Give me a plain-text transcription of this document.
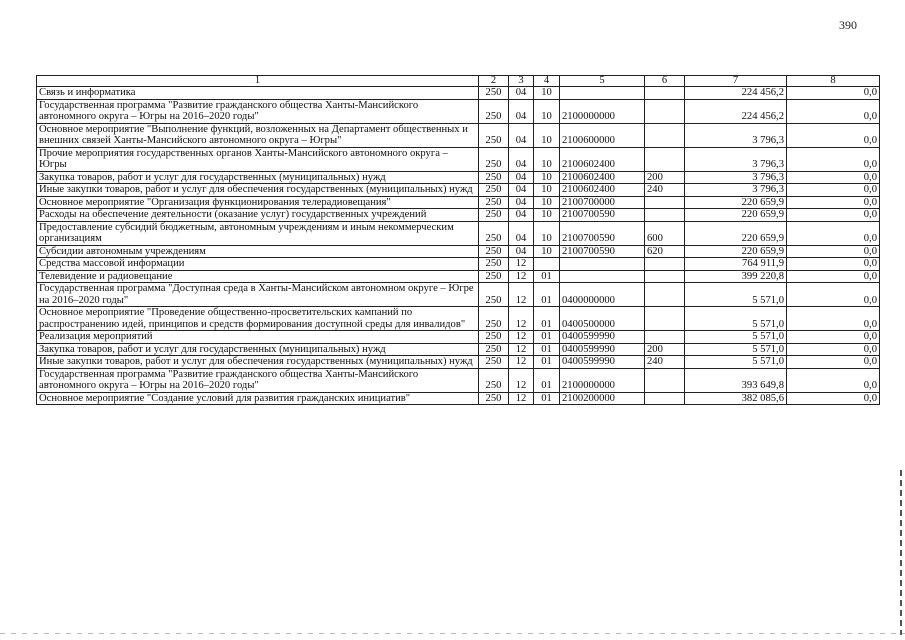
390
1	2	3	4	5	6	7	8
Связь и информатика	250	04	10			224 456,2	0,0
Государственная программа "Развитие гражданского общества Ханты-Мансийского автономного округа – Югры на 2016–2020 годы"	250	04	10	2100000000		224 456,2	0,0
Основное мероприятие "Выполнение функций, возложенных на Департамент общественных и внешних связей Ханты-Мансийского автономного округа – Югры"	250	04	10	2100600000		3 796,3	0,0
Прочие мероприятия государственных органов Ханты-Мансийского автономного округа – Югры	250	04	10	2100602400		3 796,3	0,0
Закупка товаров, работ и услуг для государственных (муниципальных) нужд	250	04	10	2100602400	200	3 796,3	0,0
Иные закупки товаров, работ и услуг для обеспечения государственных (муниципальных) нужд	250	04	10	2100602400	240	3 796,3	0,0
Основное мероприятие "Организация функционирования телерадиовещания"	250	04	10	2100700000		220 659,9	0,0
Расходы на обеспечение деятельности (оказание услуг) государственных учреждений	250	04	10	2100700590		220 659,9	0,0
Предоставление субсидий бюджетным, автономным учреждениям и иным некоммерческим организациям	250	04	10	2100700590	600	220 659,9	0,0
Субсидии автономным учреждениям	250	04	10	2100700590	620	220 659,9	0,0
Средства массовой информации	250	12				764 911,9	0,0
Телевидение и радиовещание	250	12	01			399 220,8	0,0
Государственная программа "Доступная среда в Ханты-Мансийском автономном округе – Югре на 2016–2020 годы"	250	12	01	0400000000		5 571,0	0,0
Основное мероприятие "Проведение общественно-просветительских кампаний по распространению идей, принципов и средств формирования доступной среды для инвалидов"	250	12	01	0400500000		5 571,0	0,0
Реализация мероприятий	250	12	01	0400599990		5 571,0	0,0
Закупка товаров, работ и услуг для государственных (муниципальных) нужд	250	12	01	0400599990	200	5 571,0	0,0
Иные закупки товаров, работ и услуг для обеспечения государственных (муниципальных) нужд	250	12	01	0400599990	240	5 571,0	0,0
Государственная программа "Развитие гражданского общества Ханты-Мансийского автономного округа – Югры на 2016–2020 годы"	250	12	01	2100000000		393 649,8	0,0
Основное мероприятие "Создание условий для развития гражданских инициатив"	250	12	01	2100200000		382 085,6	0,0
